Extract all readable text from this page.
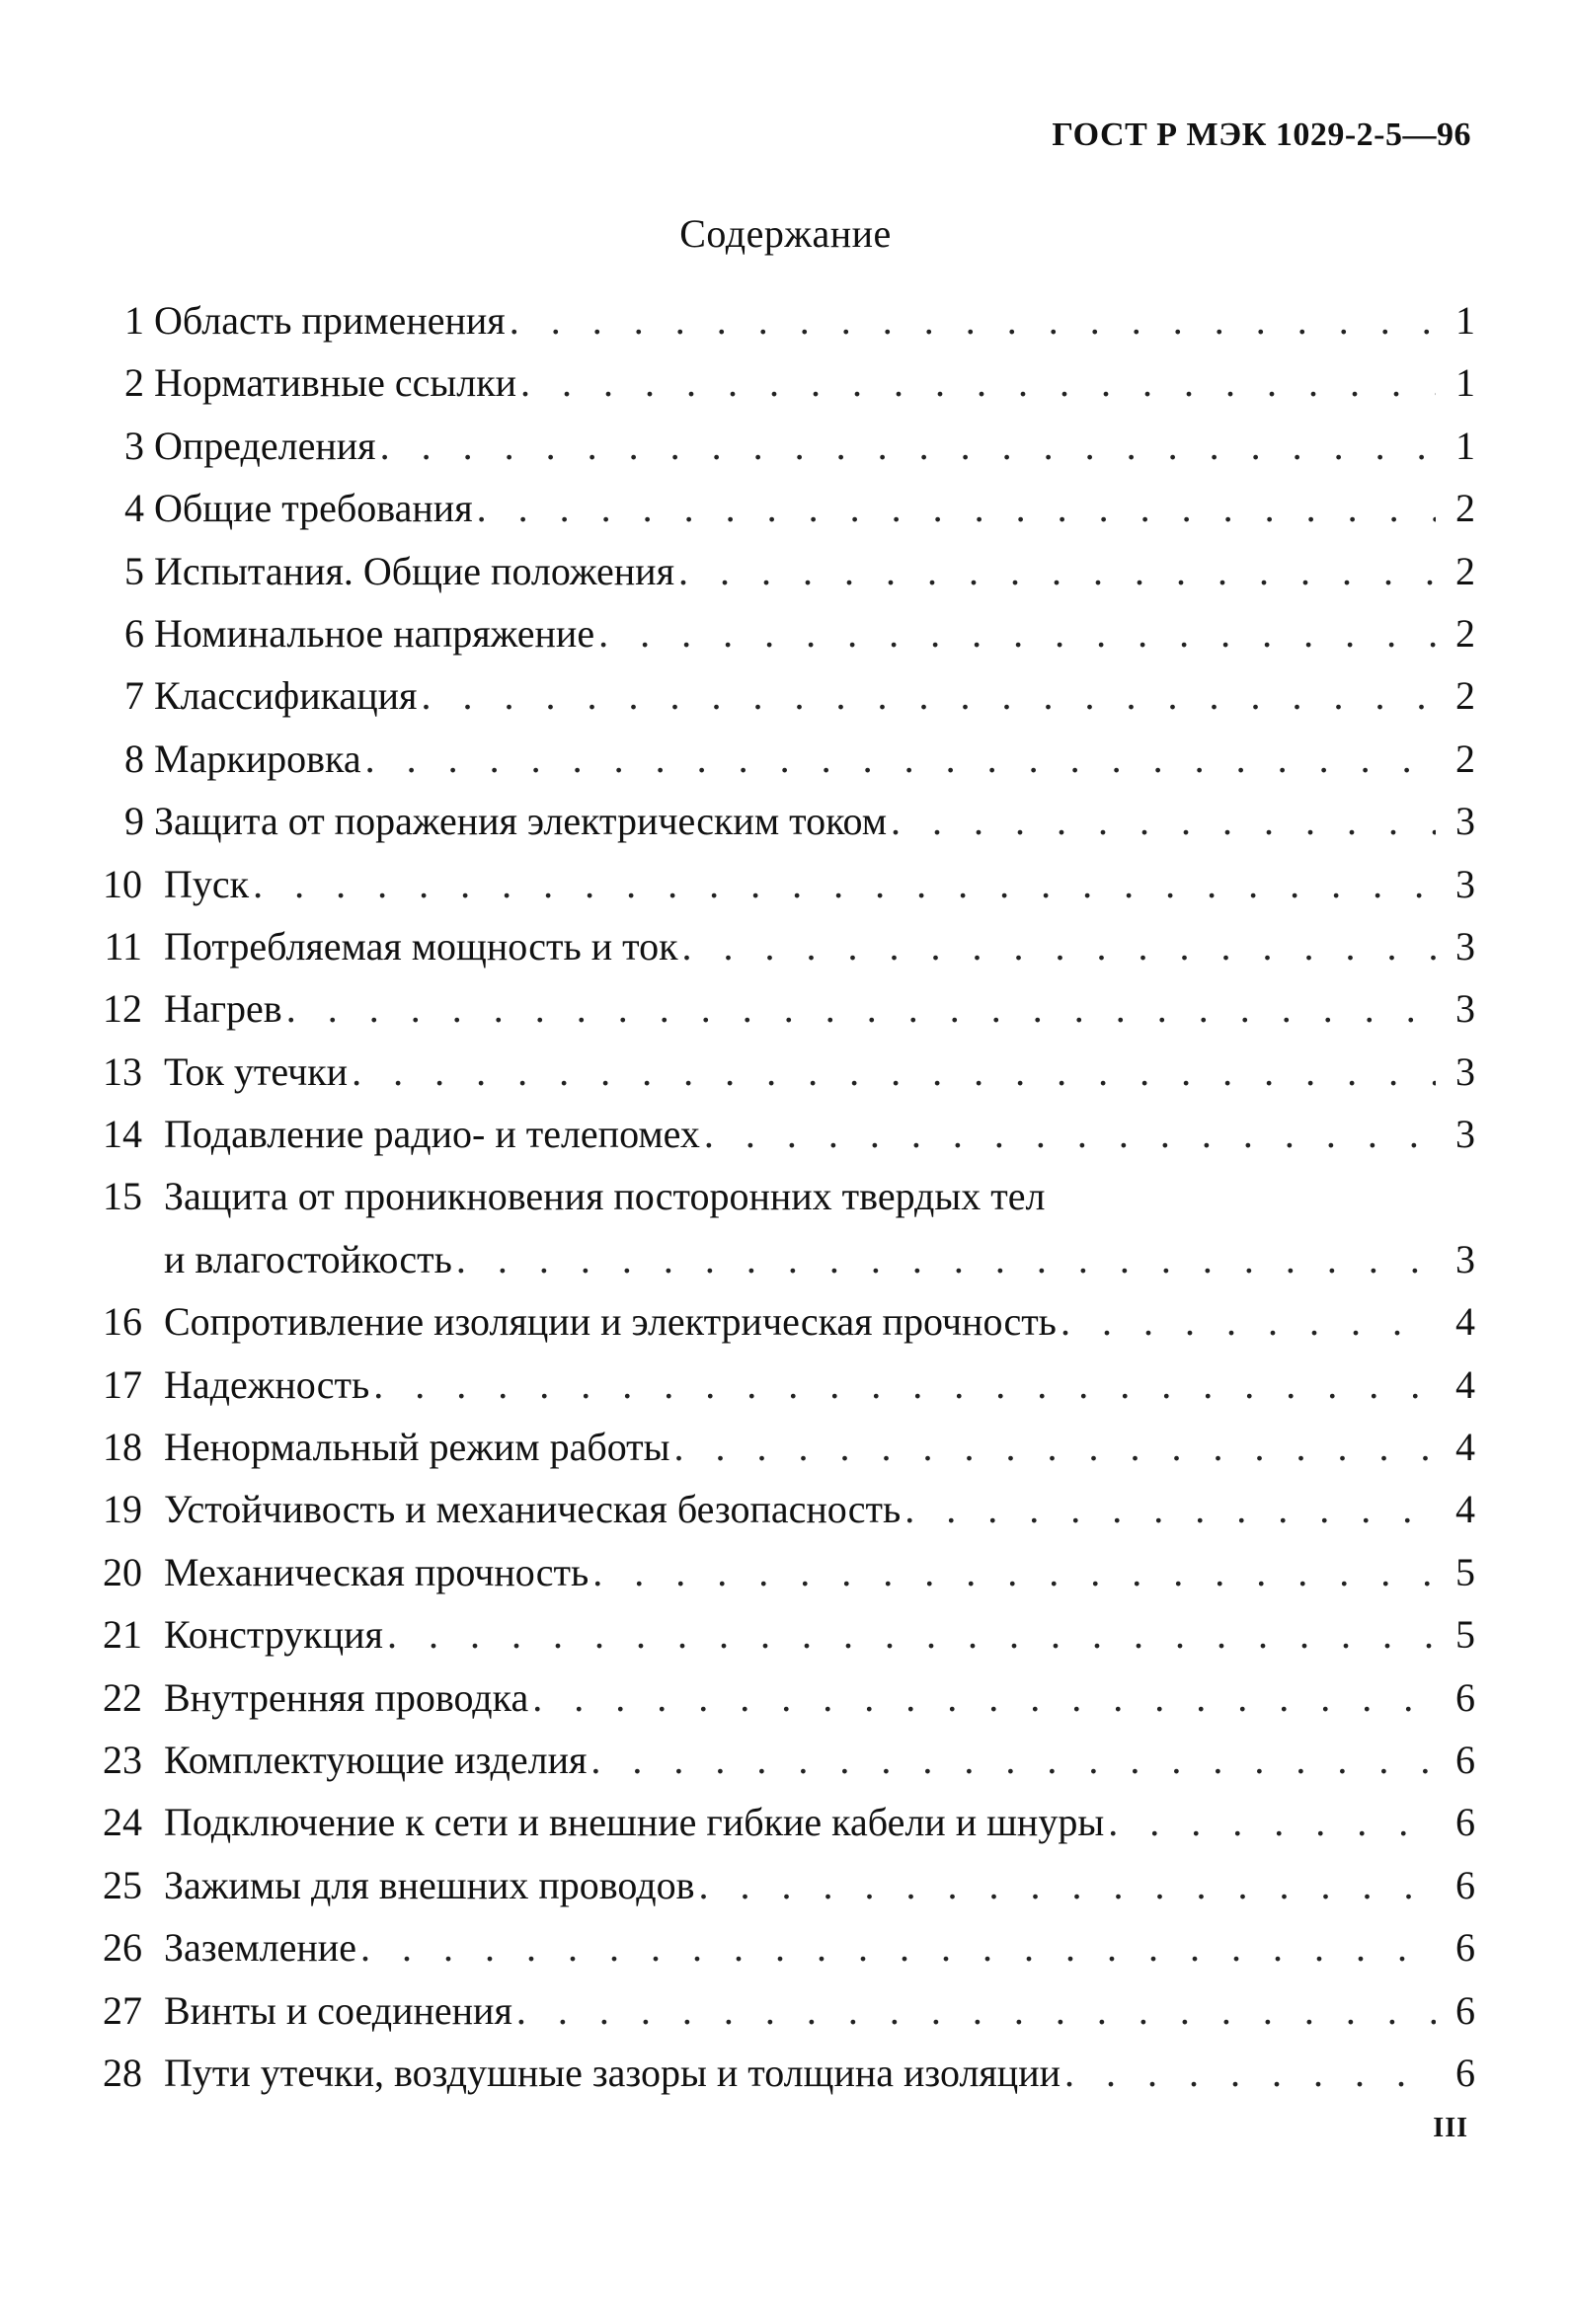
ГОСТ Р МЭК 1029-2-5—96
Содержание
1 Область применения . . .	1
2 Нормативные ссылки . . .	1
3 Определения . . .	1
4 Общие требования . . .	2
5 Испытания. Общие положения . . .	2
6 Номинальное напряжение . . .	2
7 Классификация . . .	2
8 Маркировка . . .	2
9 Защита от поражения электрическим током . . .	3
10 Пуск . . .	3
11 Потребляемая мощность и ток . . .	3
12 Нагрев . . .	3
13 Ток утечки . . .	3
14 Подавление радио- и телепомех . . .	3
15 Защита от проникновения посторонних твердых тел
и влагостойкость . . .	3
16 Сопротивление изоляции и электрическая прочность . . .	4
17 Надежность . . .	4
18 Ненормальный режим работы . . .	4
19 Устойчивость и механическая безопасность . . .	4
20 Механическая прочность . . .	5
21 Конструкция . . .	5
22 Внутренняя проводка . . .	6
23 Комплектующие изделия . . .	6
24 Подключение к сети и внешние гибкие кабели и шнуры . . .	6
25 Зажимы для внешних проводов . . .	6
26 Заземление . . .	6
27 Винты и соединения . . .	6
28 Пути утечки, воздушные зазоры и толщина изоляции . . .	6
III
